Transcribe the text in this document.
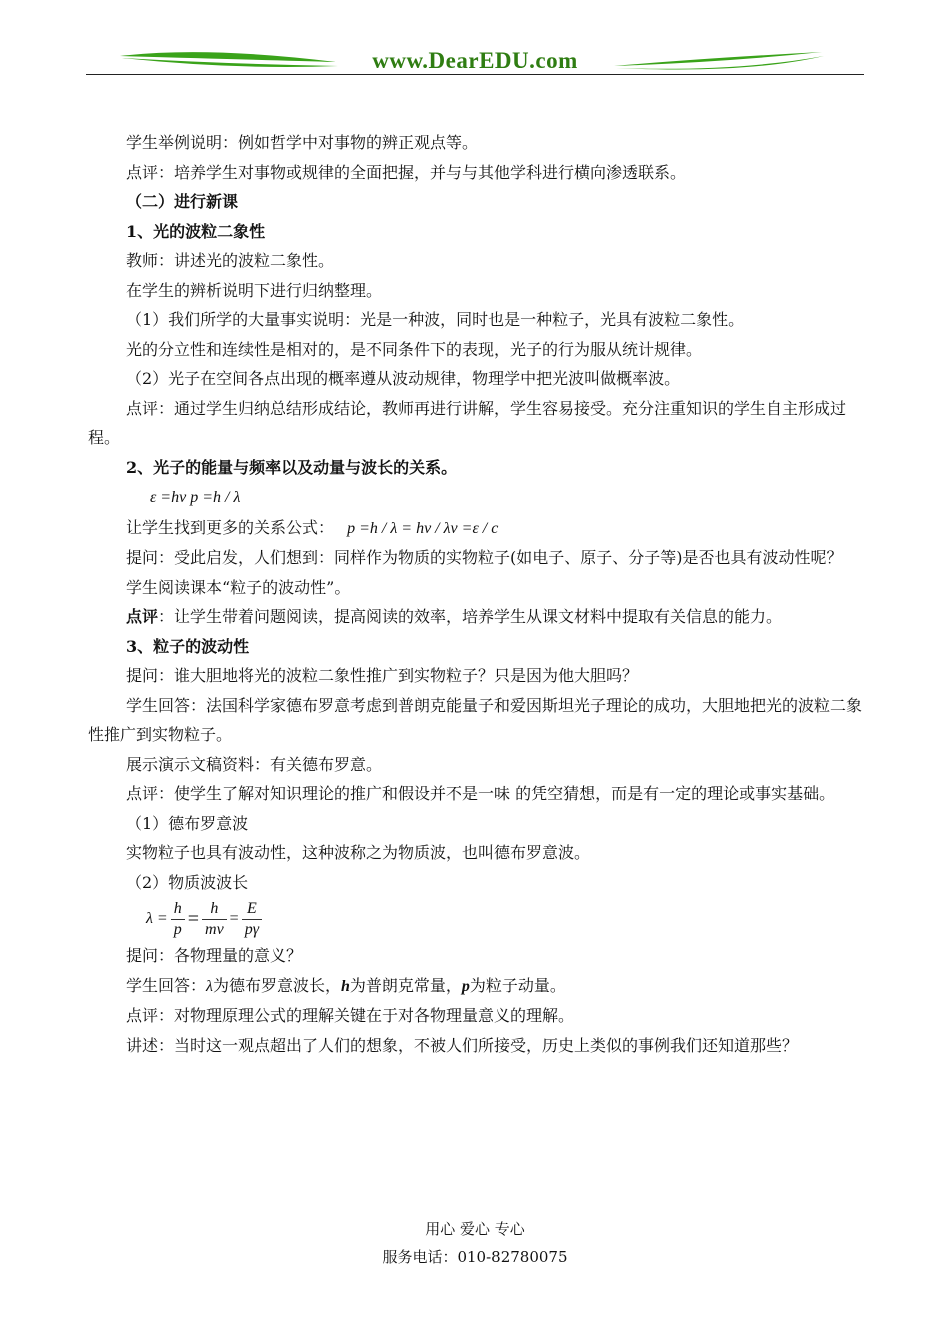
www.DearEDU.com

学生举例说明：例如哲学中对事物的辨正观点等。

点评：培养学生对事物或规律的全面把握，并与与其他学科进行横向渗透联系。

（二）进行新课

1、光的波粒二象性

教师：讲述光的波粒二象性。

在学生的辨析说明下进行归纳整理。

（1）我们所学的大量事实说明：光是一种波，同时也是一种粒子，光具有波粒二象性。

光的分立性和连续性是相对的，是不同条件下的表现，光子的行为服从统计规律。

（2）光子在空间各点出现的概率遵从波动规律，物理学中把光波叫做概率波。

点评：通过学生归纳总结形成结论，教师再进行讲解，学生容易接受。充分注重知识的学生自主形成过程。

2、光子的能量与频率以及动量与波长的关系。

ε =hν p =h / λ

让学生找到更多的关系公式： p =h / λ = hν / λν =ε / c

提问：受此启发，人们想到：同样作为物质的实物粒子(如电子、原子、分子等)是否也具有波动性呢？

学生阅读课本“粒子的波动性”。

点评：让学生带着问题阅读，提高阅读的效率，培养学生从课文材料中提取有关信息的能力。

3、粒子的波动性

提问：谁大胆地将光的波粒二象性推广到实物粒子？只是因为他大胆吗？

学生回答：法国科学家德布罗意考虑到普朗克能量子和爱因斯坦光子理论的成功，大胆地把光的波粒二象性推广到实物粒子。

展示演示文稿资料：有关德布罗意。

点评：使学生了解对知识理论的推广和假设并不是一味 的凭空猜想，而是有一定的理论或事实基础。

（1）德布罗意波

实物粒子也具有波动性，这种波称之为物质波，也叫德布罗意波。

（2）物质波波长

$\lambda = \frac{h}{p} = \frac{h}{mv} = \frac{E}{p\gamma}$

提问：各物理量的意义？

学生回答：λ为德布罗意波长，h为普朗克常量，p为粒子动量。

点评：对物理原理公式的理解关键在于对各物理量意义的理解。

讲述：当时这一观点超出了人们的想象，不被人们所接受，历史上类似的事例我们还知道那些？

用心 爱心 专心
服务电话：010-82780075
